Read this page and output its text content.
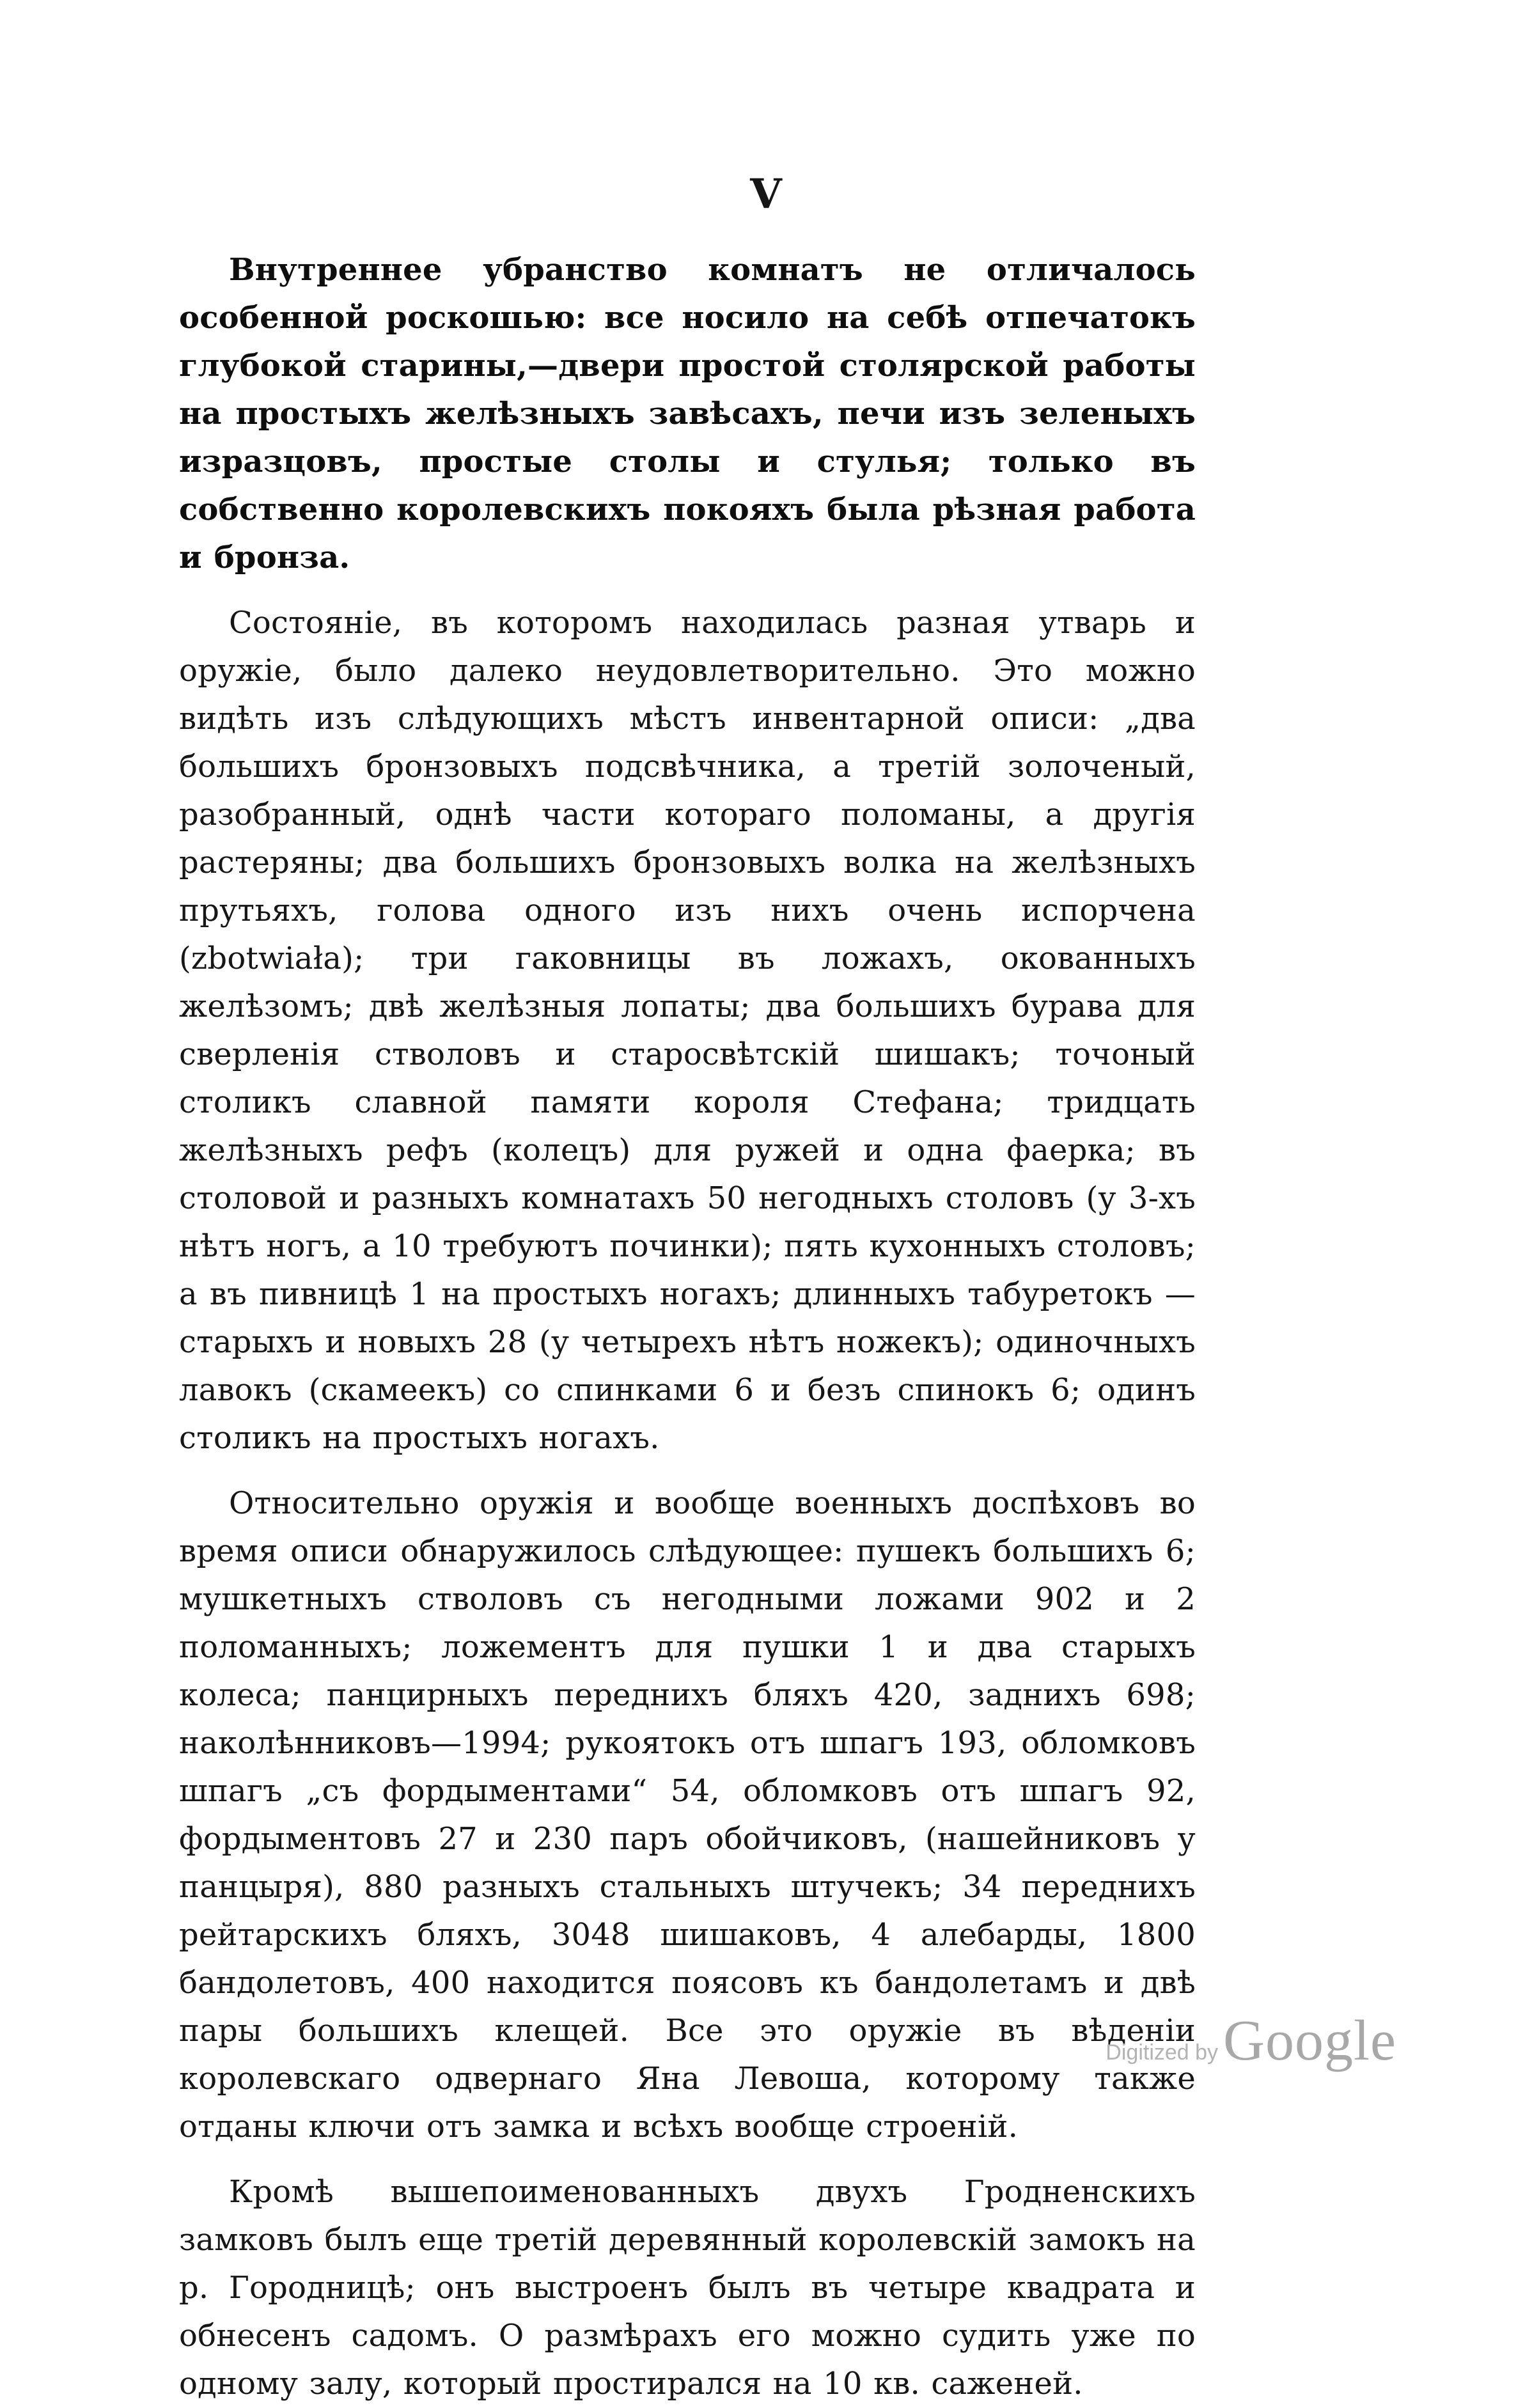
V

Внутреннее убранство комнатъ не отличалось особенной роскошью: все носило на себѣ отпечатокъ глубокой старины,—двери простой столярской работы на простыхъ желѣзныхъ завѣсахъ, печи изъ зеленыхъ изразцовъ, простые столы и стулья; только въ собственно королевскихъ покояхъ была рѣзная работа и бронза.

Состояніе, въ которомъ находилась разная утварь и оружіе, было далеко неудовлетворительно. Это можно видѣть изъ слѣдующихъ мѣстъ инвентарной описи: „два большихъ бронзовыхъ подсвѣчника, а третій золоченый, разобранный, однѣ части котораго поломаны, а другія растеряны; два большихъ бронзовыхъ волка на желѣзныхъ прутьяхъ, голова одного изъ нихъ очень испорчена (zbotwiała); три гаковницы въ ложахъ, окованныхъ желѣзомъ; двѣ желѣзныя лопаты; два большихъ бурава для сверленія стволовъ и старосвѣтскій шишакъ; точоный столикъ славной памяти короля Стефана; тридцать желѣзныхъ рефъ (колецъ) для ружей и одна фаерка; въ столовой и разныхъ комнатахъ 50 негодныхъ столовъ (у 3-хъ нѣтъ ногъ, а 10 требуютъ починки); пять кухонныхъ столовъ; а въ пивницѣ 1 на простыхъ ногахъ; длинныхъ табуретокъ — старыхъ и новыхъ 28 (у четырехъ нѣтъ ножекъ); одиночныхъ лавокъ (скамеекъ) со спинками 6 и безъ спинокъ 6; одинъ столикъ на простыхъ ногахъ.

Относительно оружія и вообще военныхъ доспѣховъ во время описи обнаружилось слѣдующее: пушекъ большихъ 6; мушкетныхъ стволовъ съ негодными ложами 902 и 2 поломанныхъ; ложементъ для пушки 1 и два старыхъ колеса; панцирныхъ переднихъ бляхъ 420, заднихъ 698; наколѣнниковъ—1994; рукоятокъ отъ шпагъ 193, обломковъ шпагъ „съ фордыментами“ 54, обломковъ отъ шпагъ 92, фордыментовъ 27 и 230 паръ обойчиковъ, (нашейниковъ у панцыря), 880 разныхъ стальныхъ штучекъ; 34 переднихъ рейтарскихъ бляхъ, 3048 шишаковъ, 4 алебарды, 1800 бандолетовъ, 400 находится поясовъ къ бандолетамъ и двѣ пары большихъ клещей. Все это оружіе въ вѣденіи королевскаго одвернаго Яна Левоша, которому также отданы ключи отъ замка и всѣхъ вообще строеній.

Кромѣ вышепоименованныхъ двухъ Гродненскихъ замковъ былъ еще третій деревянный королевскій замокъ на р. Городницѣ; онъ выстроенъ былъ въ четыре квадрата и обнесенъ садомъ. О размѣрахъ его можно судить уже по одному залу, который простирался на 10 кв. саженей.

Digitized by Google
